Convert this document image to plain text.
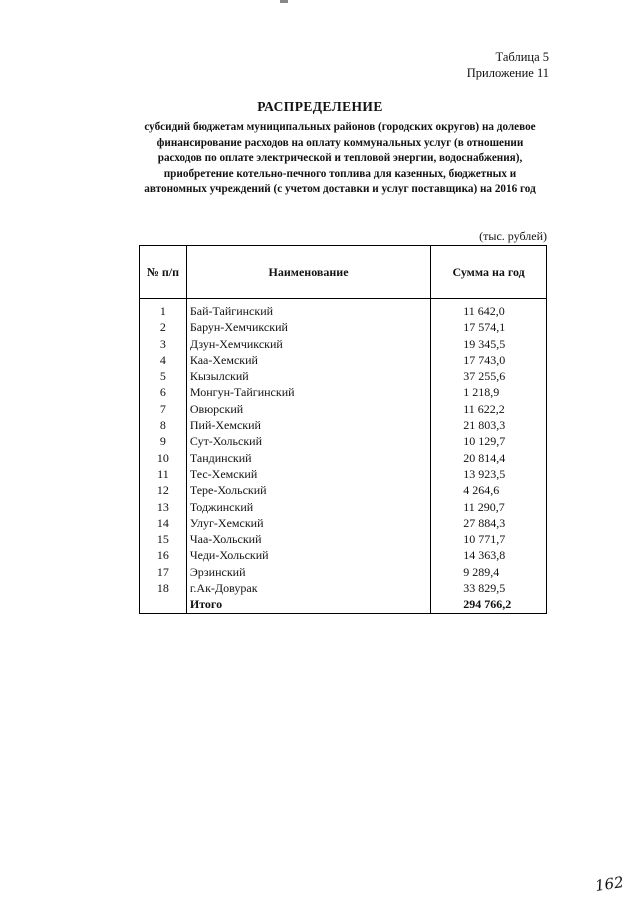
Таблица 5
Приложение 11
РАСПРЕДЕЛЕНИЕ
субсидий бюджетам муниципальных районов (городских округов) на долевое финансирование расходов на оплату коммунальных услуг (в отношении расходов по оплате электрической и тепловой энергии, водоснабжения), приобретение котельно-печного топлива для казенных, бюджетных и автономных учреждений (с учетом доставки и услуг поставщика) на 2016 год
(тыс. рублей)
№ п/п	Наименование	Сумма на год
1	Бай-Тайгинский	11 642,0
2	Барун-Хемчикский	17 574,1
3	Дзун-Хемчикский	19 345,5
4	Каа-Хемский	17 743,0
5	Кызылский	37 255,6
6	Монгун-Тайгинский	1 218,9
7	Овюрский	11 622,2
8	Пий-Хемский	21 803,3
9	Сут-Хольский	10 129,7
10	Тандинский	20 814,4
11	Тес-Хемский	13 923,5
12	Тере-Хольский	4 264,6
13	Тоджинский	11 290,7
14	Улуг-Хемский	27 884,3
15	Чаа-Хольский	10 771,7
16	Чеди-Хольский	14 363,8
17	Эрзинский	9 289,4
18	г.Ак-Довурак	33 829,5
	Итого	294 766,2
162
